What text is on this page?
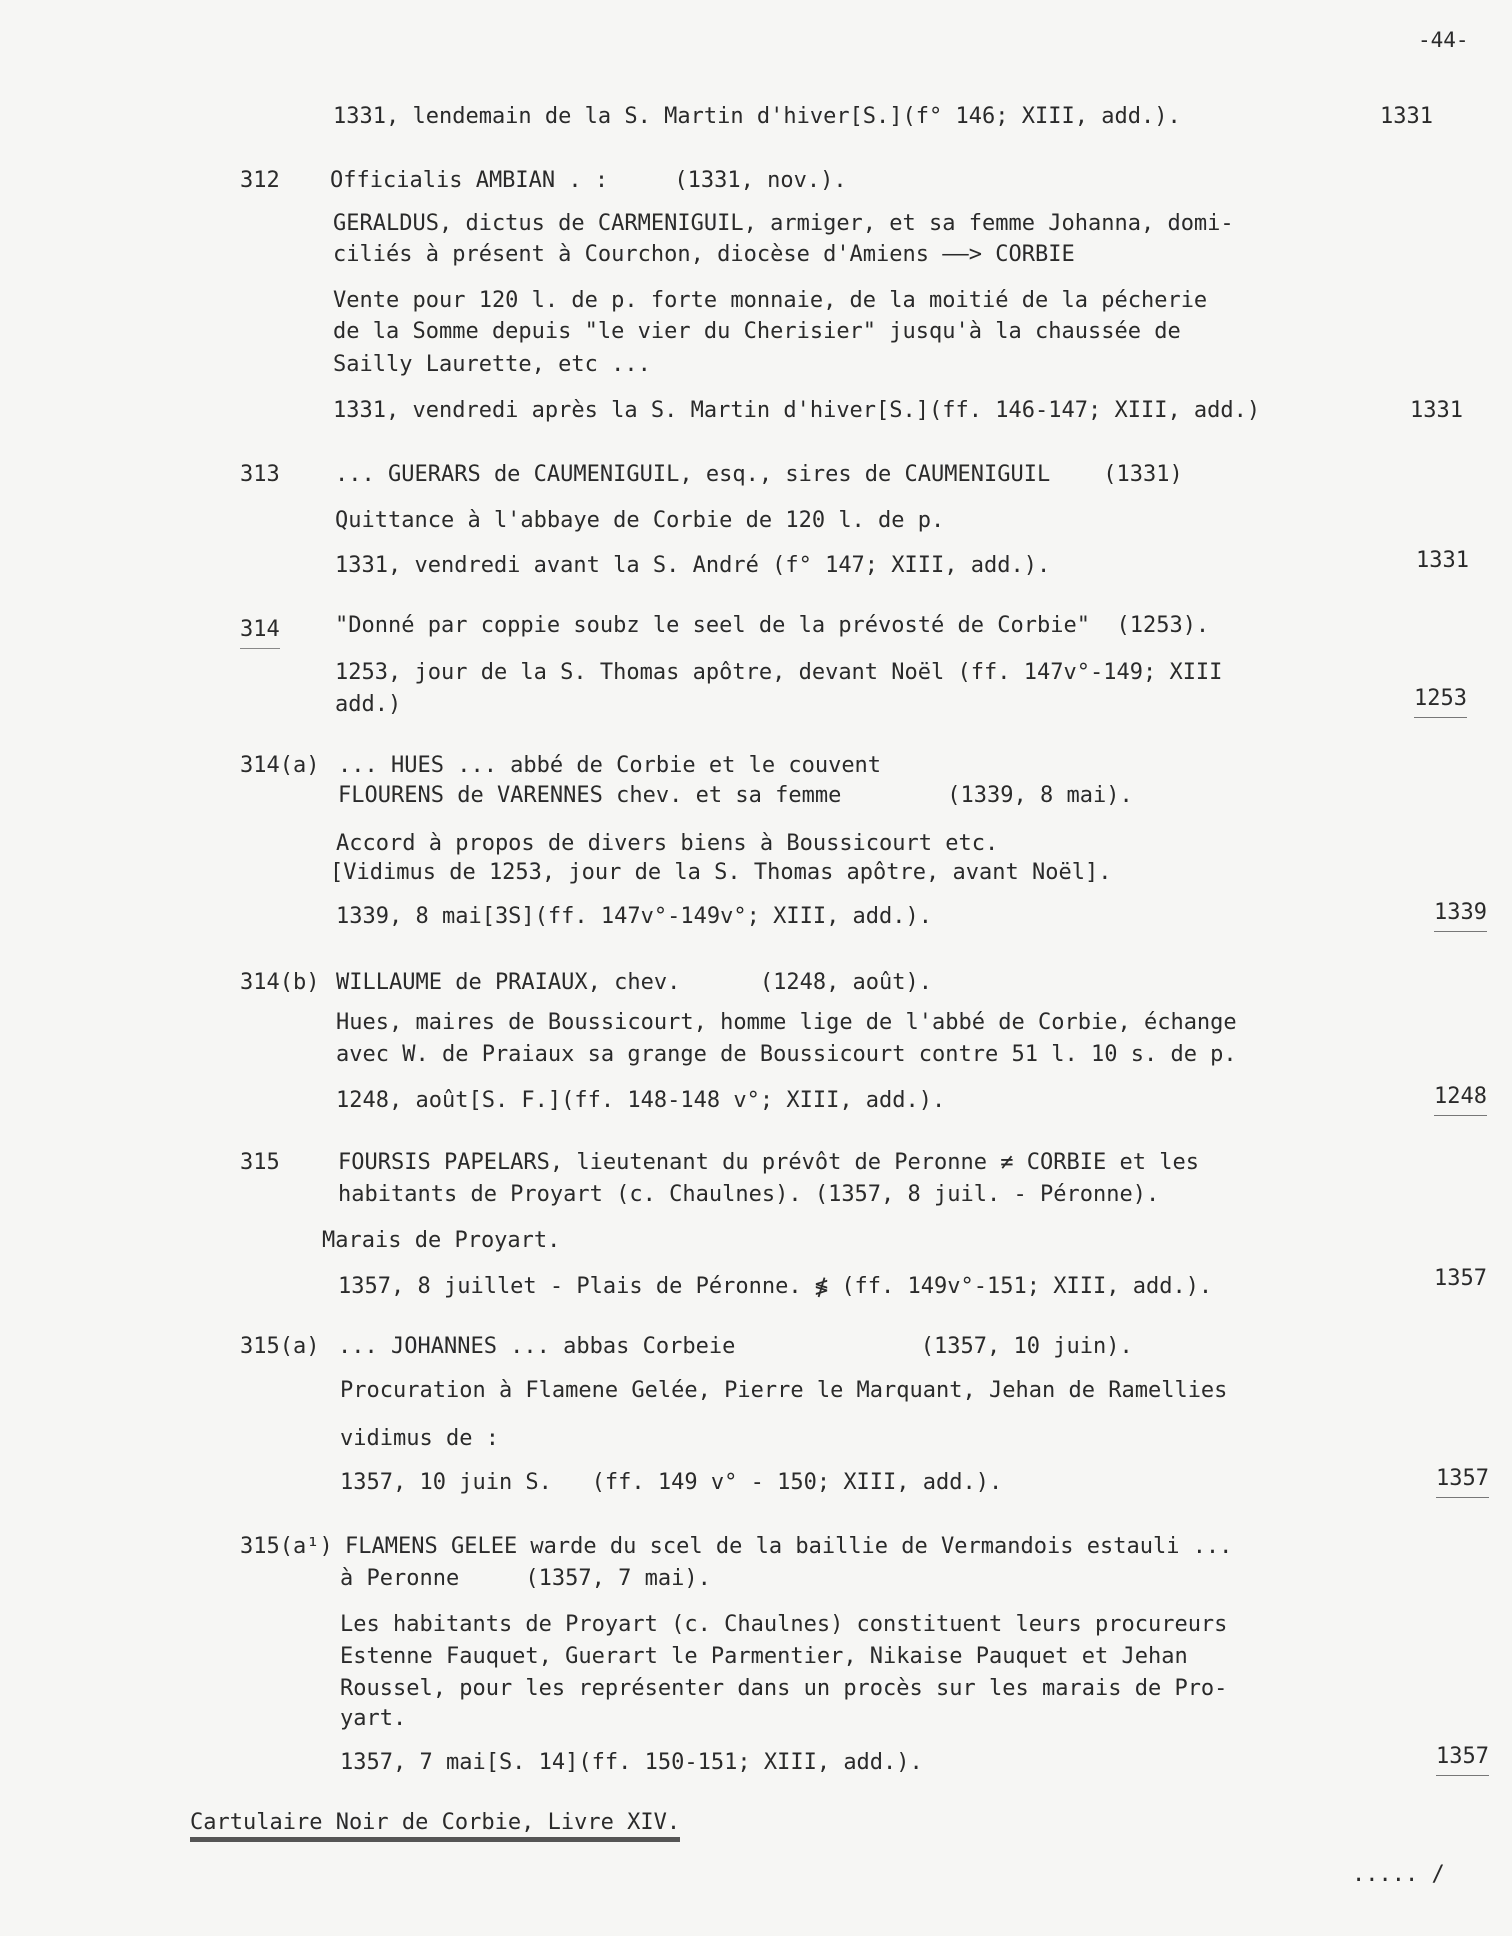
-44-
1331, lendemain de la S. Martin d'hiver[S.](f° 146; XIII, add.).	1331
312 Officialis AMBIAN . :     (1331, nov.).
GERALDUS, dictus de CARMENIGUIL, armiger, et sa femme Johanna, domi-
ciliés à présent à Courchon, diocèse d'Amiens ——> CORBIE
Vente pour 120 l. de p. forte monnaie, de la moitié de la pécherie
de la Somme depuis "le vier du Cherisier" jusqu'à la chaussée de
Sailly Laurette, etc ...
1331, vendredi après la S. Martin d'hiver[S.](ff. 146-147; XIII, add.)	1331
313	... GUERARS de CAUMENIGUIL, esq., sires de CAUMENIGUIL    (1331)
Quittance à l'abbaye de Corbie de 120 l. de p.
1331, vendredi avant la S. André (f° 147; XIII, add.).	1331
314	"Donné par coppie soubz le seel de la prévosté de Corbie"  (1253).
1253, jour de la S. Thomas apôtre, devant Noël (ff. 147v°-149; XIII
add.)	1253
314(a) ... HUES ... abbé de Corbie et le couvent
FLOURENS de VARENNES chev. et sa femme        (1339, 8 mai).
Accord à propos de divers biens à Boussicourt etc.
[Vidimus de 1253, jour de la S. Thomas apôtre, avant Noël].
1339, 8 mai[3S](ff. 147v°-149v°; XIII, add.).	1339
314(b) WILLAUME de PRAIAUX, chev.      (1248, août).
Hues, maires de Boussicourt, homme lige de l'abbé de Corbie, échange
avec W. de Praiaux sa grange de Boussicourt contre 51 l. 10 s. de p.
1248, août[S. F.](ff. 148-148 v°; XIII, add.).	1248
315	FOURSIS PAPELARS, lieutenant du prévôt de Peronne ≠ CORBIE et les
habitants de Proyart (c. Chaulnes). (1357, 8 juil. - Péronne).
Marais de Proyart.
1357, 8 juillet - Plais de Péronne. ≸ (ff. 149v°-151; XIII, add.).	1357
315(a) ... JOHANNES ... abbas Corbeie              (1357, 10 juin).
Procuration à Flamene Gelée, Pierre le Marquant, Jehan de Ramellies
vidimus de :
1357, 10 juin S.   (ff. 149 v° - 150; XIII, add.).	1357
315(a¹) FLAMENS GELEE warde du scel de la baillie de Vermandois estauli ...
à Peronne     (1357, 7 mai).
Les habitants de Proyart (c. Chaulnes) constituent leurs procureurs
Estenne Fauquet, Guerart le Parmentier, Nikaise Pauquet et Jehan
Roussel, pour les représenter dans un procès sur les marais de Pro-
yart.
1357, 7 mai[S. 14](ff. 150-151; XIII, add.).	1357
Cartulaire Noir de Corbie, Livre XIV.
..... /
